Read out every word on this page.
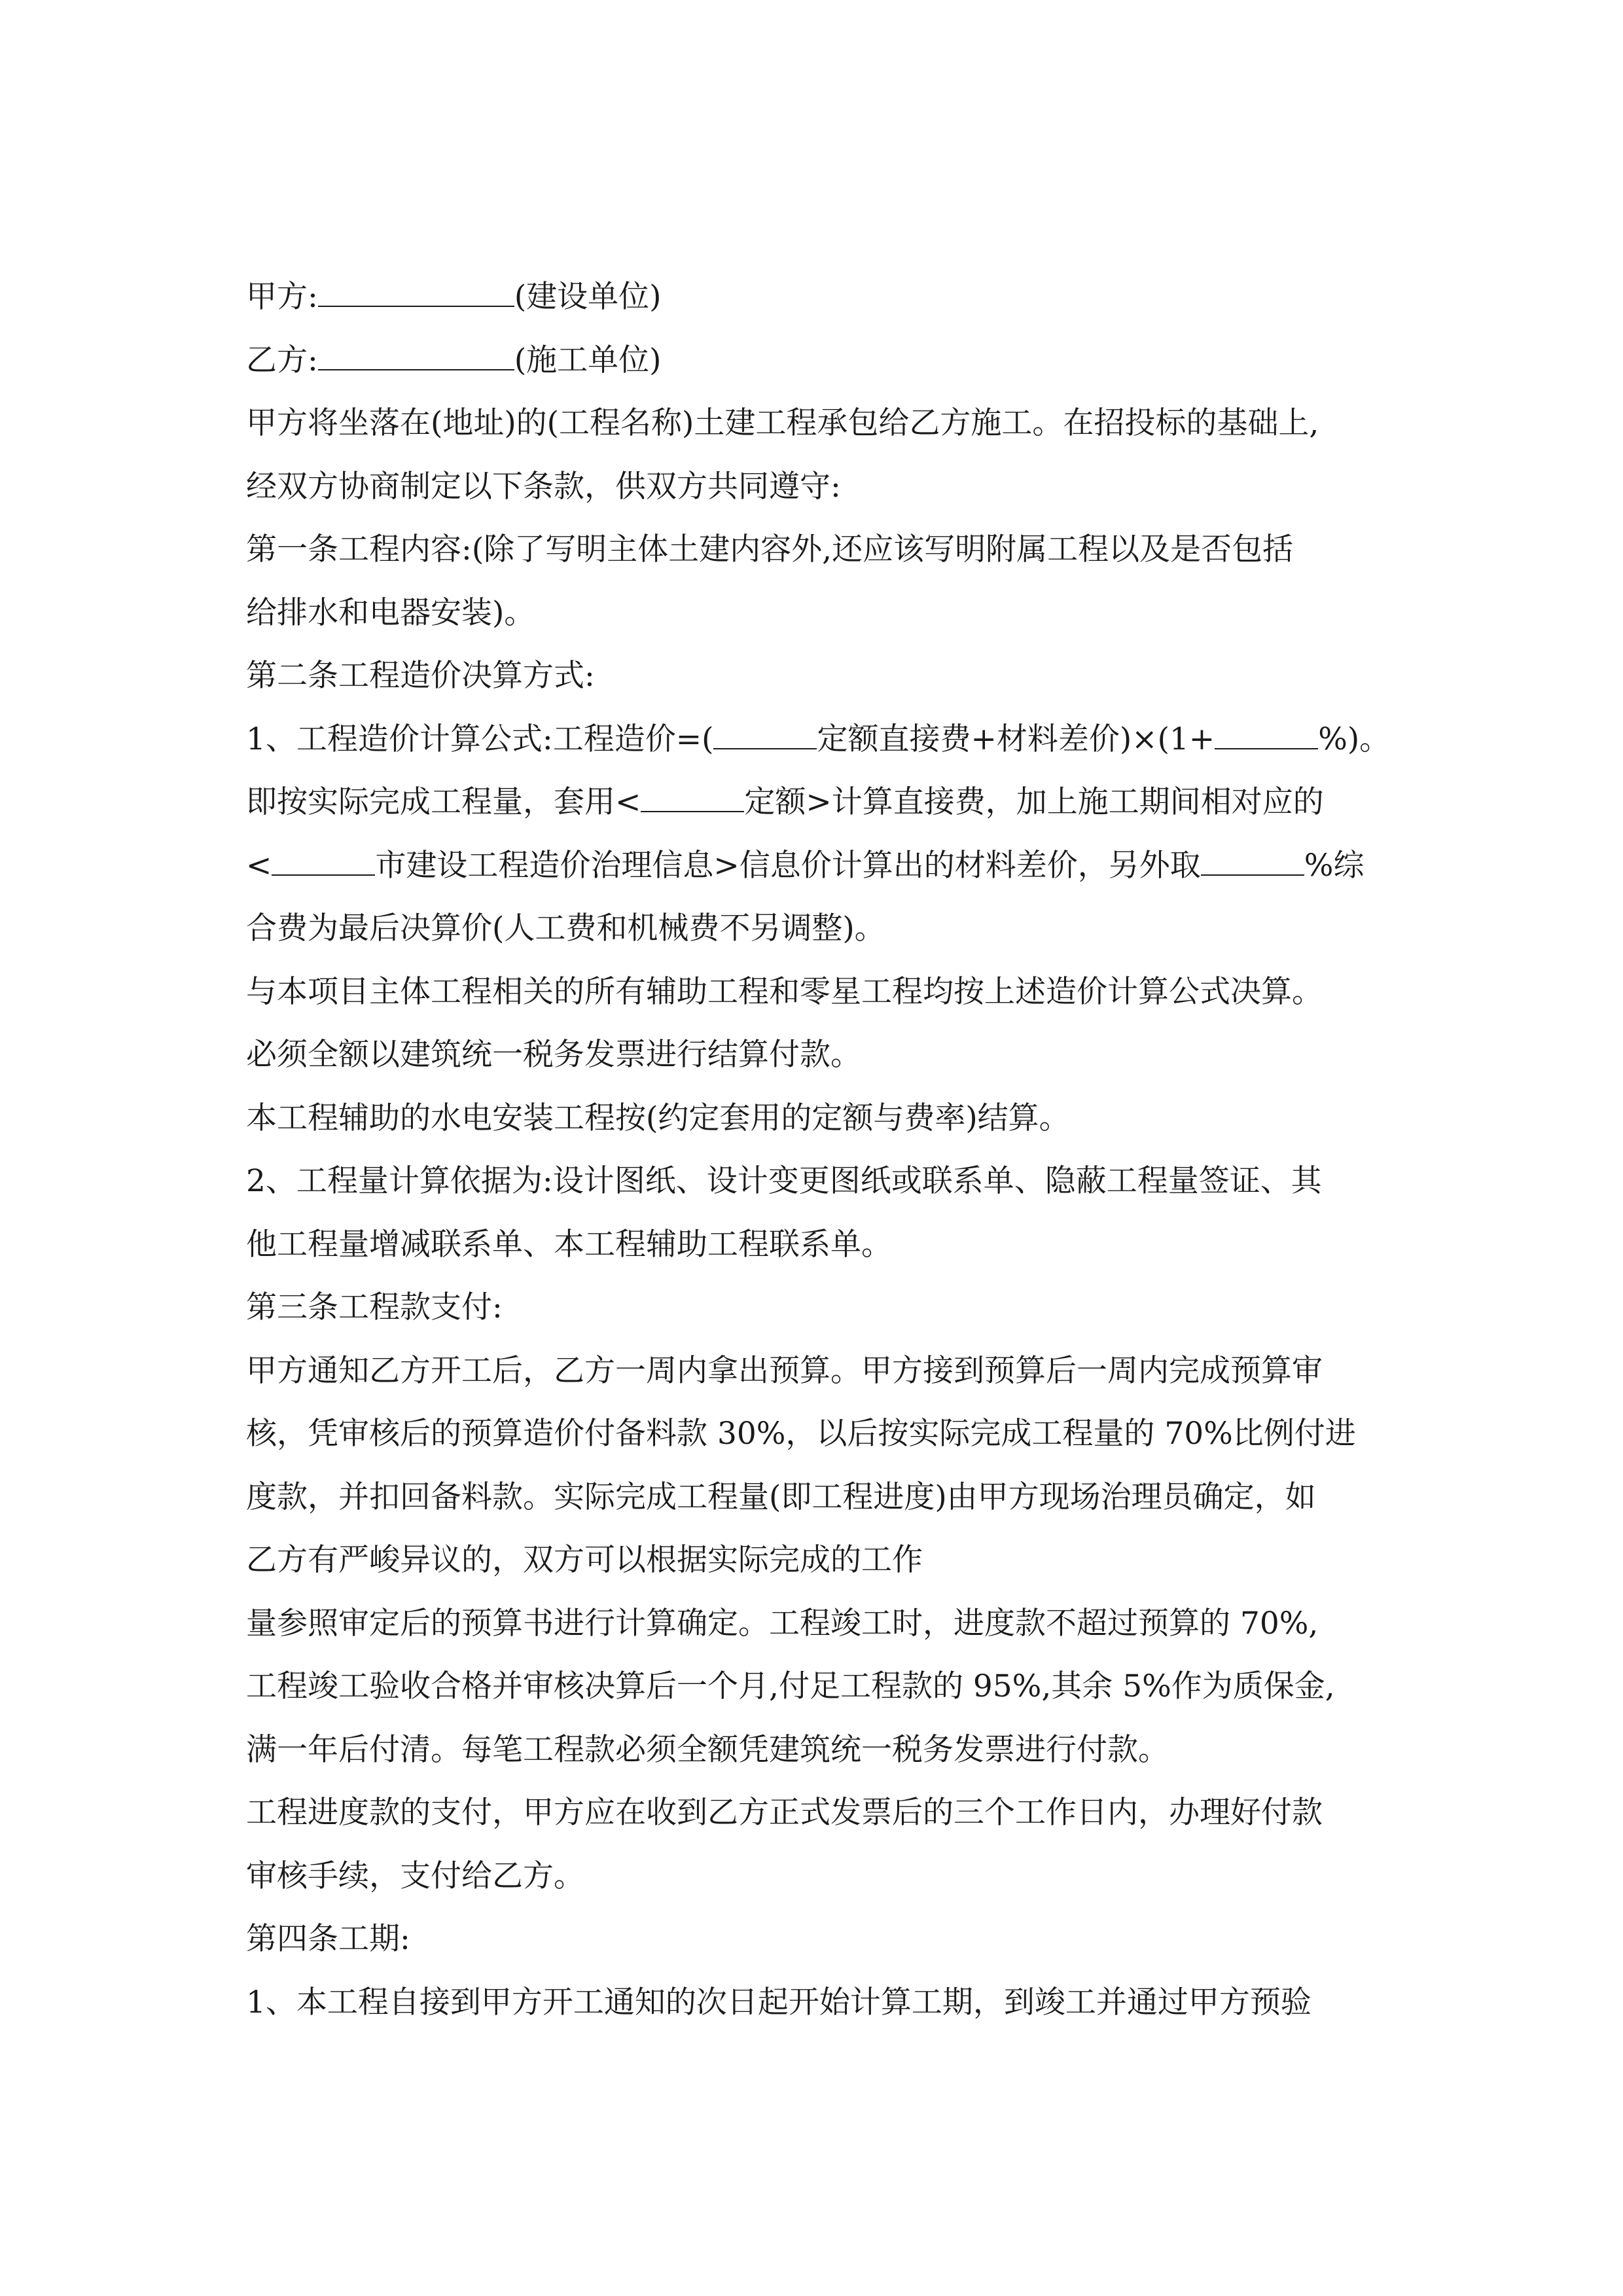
甲方:	(建设单位)
乙方:	(施工单位)
甲方将坐落在(地址)的(工程名称)土建工程承包给乙方施工。在招投标的基础上,
经双方协商制定以下条款，供双方共同遵守:
第一条工程内容:(除了写明主体土建内容外,还应该写明附属工程以及是否包括
给排水和电器安装)。
第二条工程造价决算方式:
1、工程造价计算公式:工程造价=(	定额直接费+材料差价)×(1+	%)。
即按实际完成工程量，套用<	定额>计算直接费，加上施工期间相对应的
<	市建设工程造价治理信息>信息价计算出的材料差价，另外取	%综
合费为最后决算价(人工费和机械费不另调整)。
与本项目主体工程相关的所有辅助工程和零星工程均按上述造价计算公式决算。
必须全额以建筑统一税务发票进行结算付款。
本工程辅助的水电安装工程按(约定套用的定额与费率)结算。
2、工程量计算依据为:设计图纸、设计变更图纸或联系单、隐蔽工程量签证、其
他工程量增减联系单、本工程辅助工程联系单。
第三条工程款支付:
甲方通知乙方开工后，乙方一周内拿出预算。甲方接到预算后一周内完成预算审
核，凭审核后的预算造价付备料款 30%，以后按实际完成工程量的 70%比例付进
度款，并扣回备料款。实际完成工程量(即工程进度)由甲方现场治理员确定，如
乙方有严峻异议的，双方可以根据实际完成的工作
量参照审定后的预算书进行计算确定。工程竣工时，进度款不超过预算的 70%,
工程竣工验收合格并审核决算后一个月,付足工程款的 95%,其余 5%作为质保金,
满一年后付清。每笔工程款必须全额凭建筑统一税务发票进行付款。
工程进度款的支付，甲方应在收到乙方正式发票后的三个工作日内，办理好付款
审核手续，支付给乙方。
第四条工期:
1、本工程自接到甲方开工通知的次日起开始计算工期，到竣工并通过甲方预验
